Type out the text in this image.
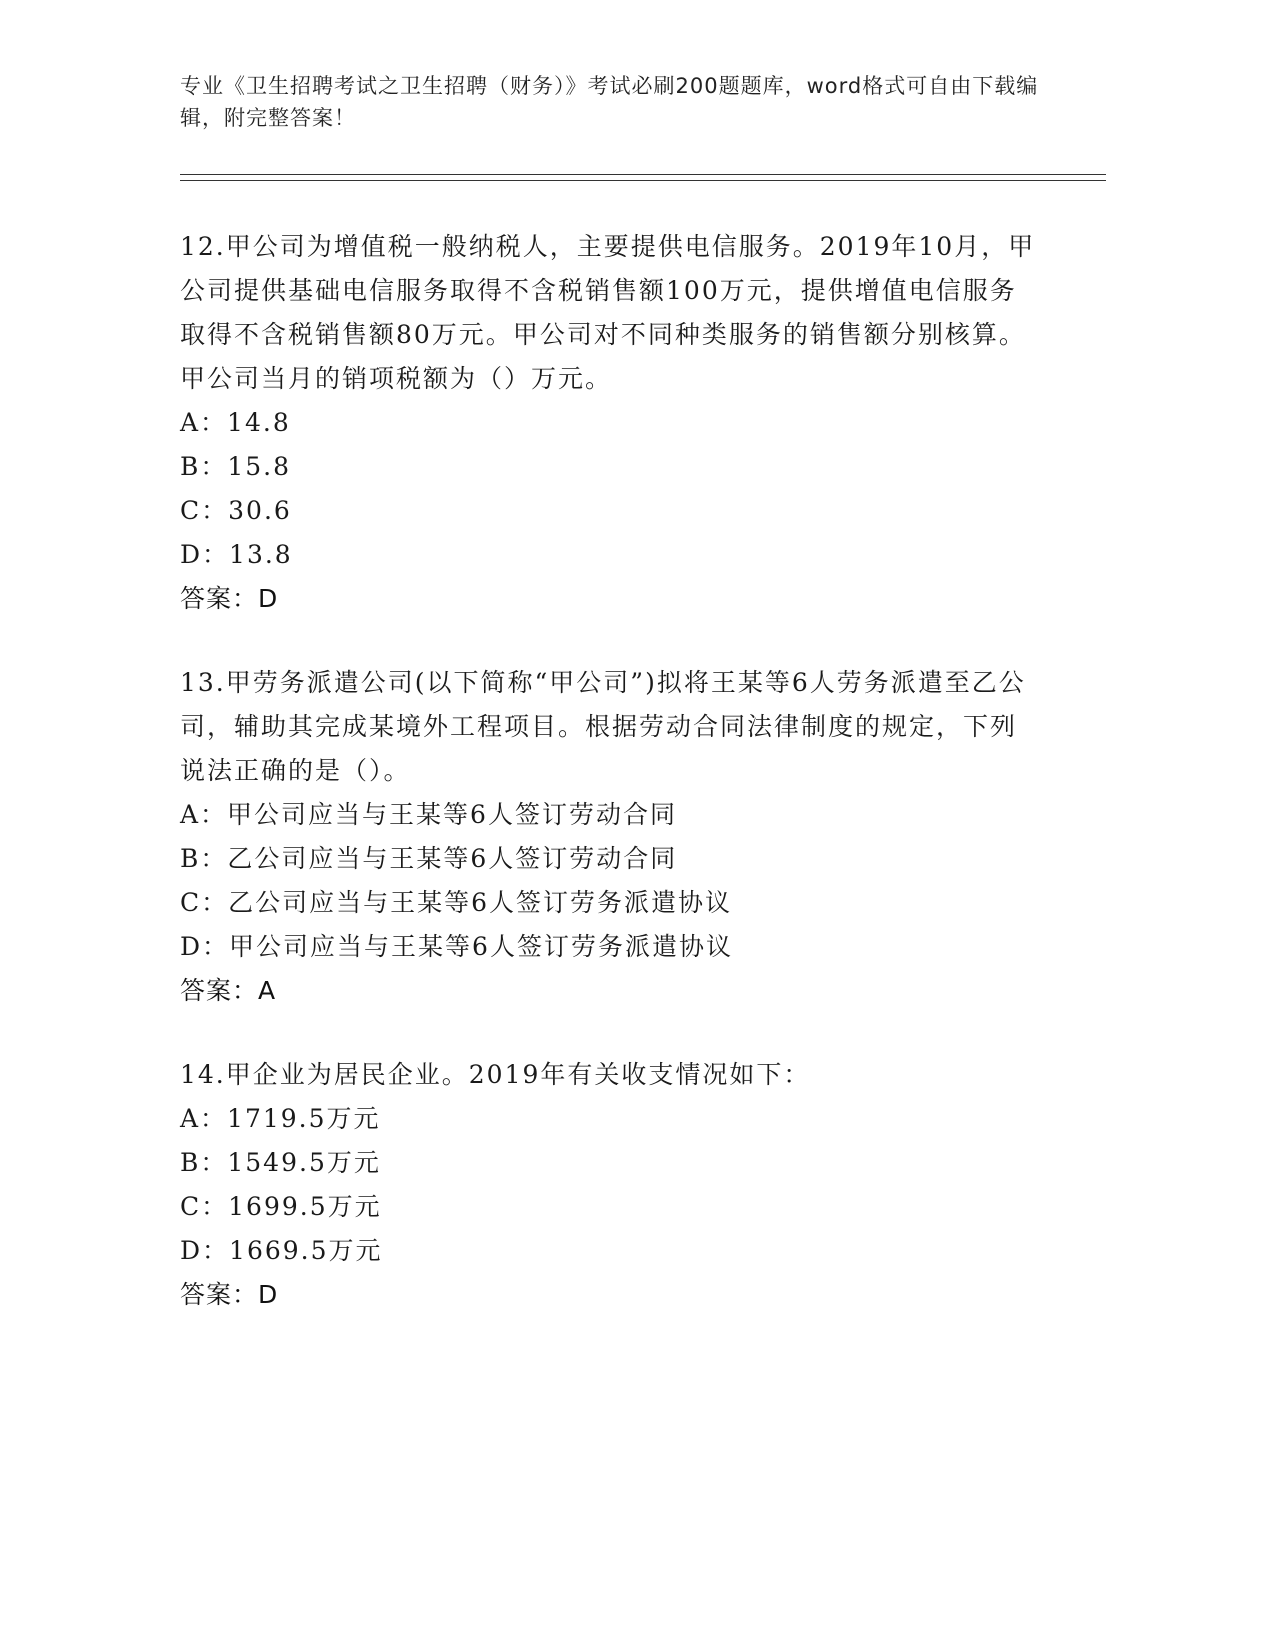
专业《卫生招聘考试之卫生招聘（财务）》考试必刷200题题库，word格式可自由下载编辑，附完整答案！

12.甲公司为增值税一般纳税人，主要提供电信服务。2019年10月，甲公司提供基础电信服务取得不含税销售额100万元，提供增值电信服务取得不含税销售额80万元。甲公司对不同种类服务的销售额分别核算。甲公司当月的销项税额为（）万元。

A：14.8

B：15.8

C：30.6

D：13.8

答案：D

13.甲劳务派遣公司(以下简称“甲公司”)拟将王某等6人劳务派遣至乙公司，辅助其完成某境外工程项目。根据劳动合同法律制度的规定，下列说法正确的是（）。

A：甲公司应当与王某等6人签订劳动合同

B：乙公司应当与王某等6人签订劳动合同

C：乙公司应当与王某等6人签订劳务派遣协议

D：甲公司应当与王某等6人签订劳务派遣协议

答案：A

14.甲企业为居民企业。2019年有关收支情况如下：

A：1719.5万元

B：1549.5万元

C：1699.5万元

D：1669.5万元

答案：D
